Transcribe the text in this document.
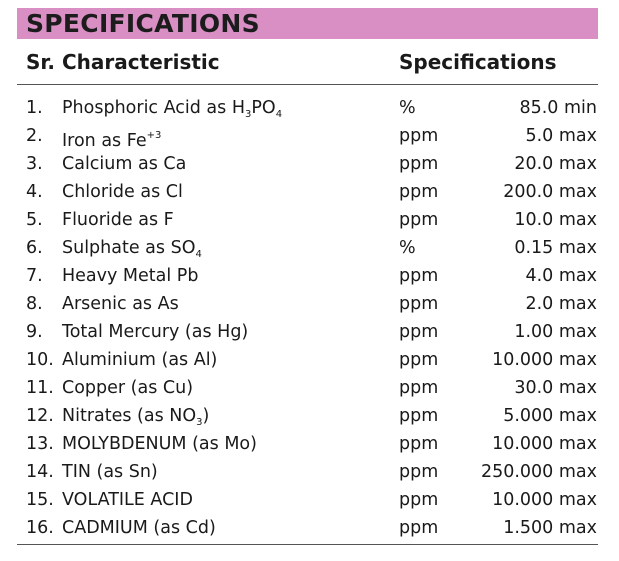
SPECIFICATIONS
Sr. Characteristic	Specifications
1. Phosphoric Acid as $H_3PO_4$	%	85.0 min
2. Iron as $Fe^{+3}$	ppm	5.0 max
3. Calcium as Ca	ppm	20.0 max
4. Chloride as Cl	ppm	200.0 max
5. Fluoride as F	ppm	10.0 max
6. Sulphate as $SO_4$	%	0.15 max
7. Heavy Metal Pb	ppm	4.0 max
8. Arsenic as As	ppm	2.0 max
9. Total Mercury (as Hg)	ppm	1.00 max
10. Aluminium (as Al)	ppm	10.000 max
11. Copper (as Cu)	ppm	30.0 max
12. Nitrates (as $NO_3$)	ppm	5.000 max
13. MOLYBDENUM (as Mo)	ppm	10.000 max
14. TIN (as Sn)	ppm 250.000 max
15. VOLATILE ACID	ppm	10.000 max
16. CADMIUM (as Cd)	ppm	1.500 max
